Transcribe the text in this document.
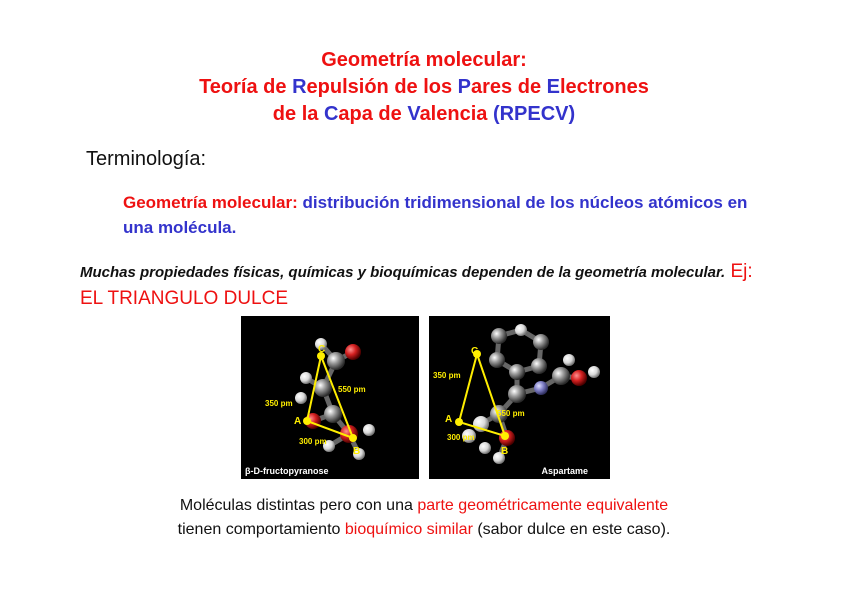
Geometría molecular:
Teoría de Repulsión de los Pares de Electrones
de la Capa de Valencia (RPECV)
Terminología:
Geometría molecular: distribución tridimensional de los núcleos atómicos en una molécula.
Muchas propiedades físicas, químicas y bioquímicas dependen de la geometría molecular. Ej: EL TRIANGULO DULCE
C
A
B
350 pm
550 pm
300 pm
β-D-fructopyranose
C
A
B
350 pm
550 pm
300 pm
Aspartame
Moléculas distintas pero con una parte geométricamente equivalente
tienen comportamiento bioquímico similar (sabor dulce en este caso).
